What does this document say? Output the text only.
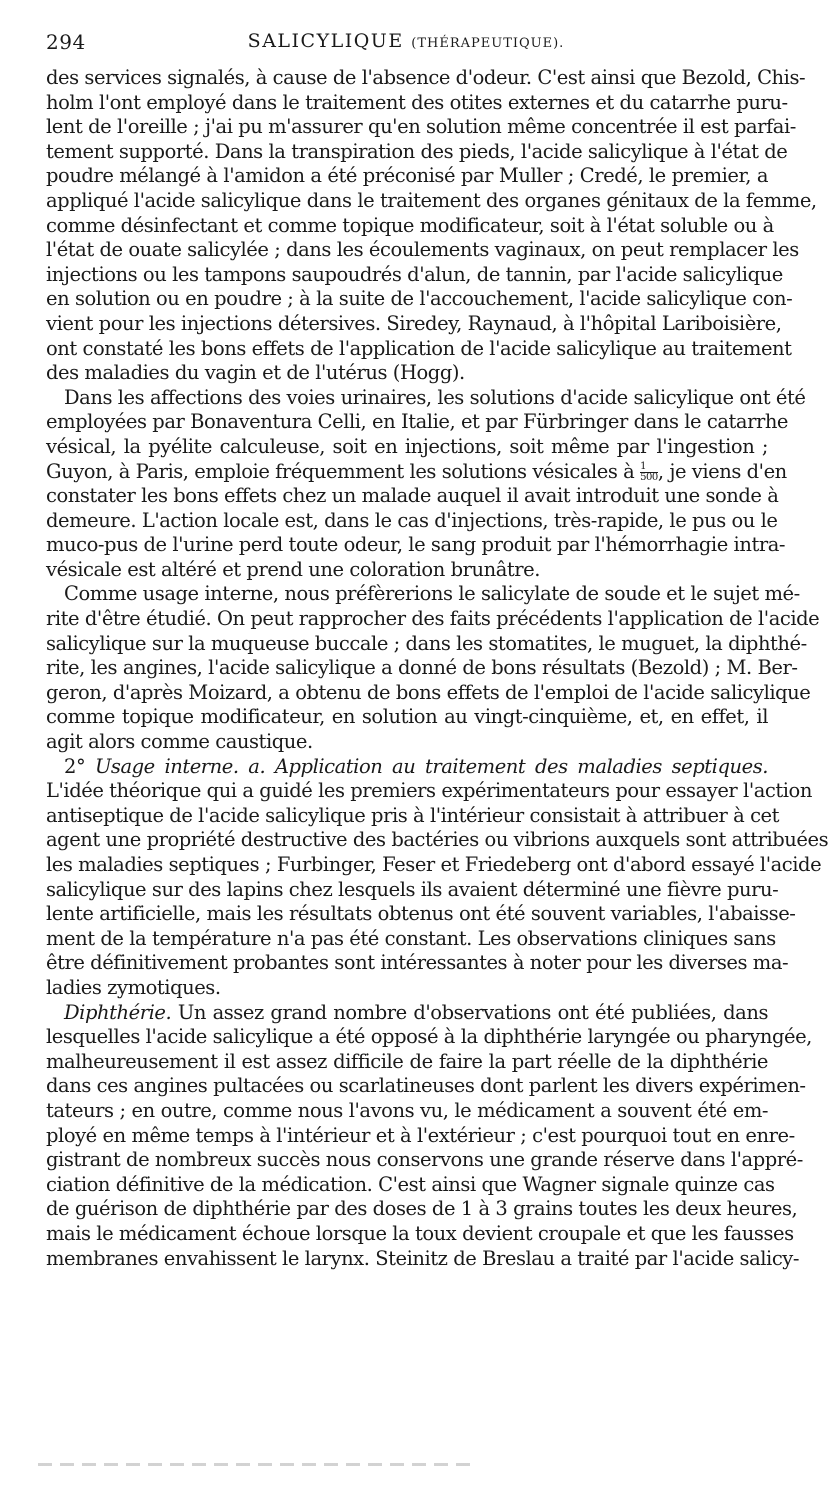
294	SALICYLIQUE (THÉRAPEUTIQUE).
des services signalés, à cause de l'absence d'odeur. C'est ainsi que Bezold, Chis-
holm l'ont employé dans le traitement des otites externes et du catarrhe puru-
lent de l'oreille ; j'ai pu m'assurer qu'en solution même concentrée il est parfai-
tement supporté. Dans la transpiration des pieds, l'acide salicylique à l'état de
poudre mélangé à l'amidon a été préconisé par Muller ; Credé, le premier, a
appliqué l'acide salicylique dans le traitement des organes génitaux de la femme,
comme désinfectant et comme topique modificateur, soit à l'état soluble ou à
l'état de ouate salicylée ; dans les écoulements vaginaux, on peut remplacer les
injections ou les tampons saupoudrés d'alun, de tannin, par l'acide salicylique
en solution ou en poudre ; à la suite de l'accouchement, l'acide salicylique con-
vient pour les injections détersives. Siredey, Raynaud, à l'hôpital Lariboisière,
ont constaté les bons effets de l'application de l'acide salicylique au traitement
des maladies du vagin et de l'utérus (Hogg).
Dans les affections des voies urinaires, les solutions d'acide salicylique ont été
employées par Bonaventura Celli, en Italie, et par Fürbringer dans le catarrhe
vésical, la pyélite calculeuse, soit en injections, soit même par l'ingestion ;
Guyon, à Paris, emploie fréquemment les solutions vésicales à $\frac{1}{500}$ , je viens d'en
constater les bons effets chez un malade auquel il avait introduit une sonde à
demeure. L'action locale est, dans le cas d'injections, très-rapide, le pus ou le
muco-pus de l'urine perd toute odeur, le sang produit par l'hémorrhagie intra-
vésicale est altéré et prend une coloration brunâtre.
Comme usage interne, nous préfèrerions le salicylate de soude et le sujet mé-
rite d'être étudié. On peut rapprocher des faits précédents l'application de l'acide
salicylique sur la muqueuse buccale ; dans les stomatites, le muguet, la diphthé-
rite, les angines, l'acide salicylique a donné de bons résultats (Bezold) ; M. Ber-
geron, d'après Moizard, a obtenu de bons effets de l'emploi de l'acide salicylique
comme topique modificateur, en solution au vingt-cinquième, et, en effet, il
agit alors comme caustique.
2° Usage interne. a. Application au traitement des maladies septiques.
L'idée théorique qui a guidé les premiers expérimentateurs pour essayer l'action
antiseptique de l'acide salicylique pris à l'intérieur consistait à attribuer à cet
agent une propriété destructive des bactéries ou vibrions auxquels sont attribuées
les maladies septiques ; Furbinger, Feser et Friedeberg ont d'abord essayé l'acide
salicylique sur des lapins chez lesquels ils avaient déterminé une fièvre puru-
lente artificielle, mais les résultats obtenus ont été souvent variables, l'abaisse-
ment de la température n'a pas été constant. Les observations cliniques sans
être définitivement probantes sont intéressantes à noter pour les diverses ma-
ladies zymotiques.
Diphthérie. Un assez grand nombre d'observations ont été publiées, dans
lesquelles l'acide salicylique a été opposé à la diphthérie laryngée ou pharyngée,
malheureusement il est assez difficile de faire la part réelle de la diphthérie
dans ces angines pultacées ou scarlatineuses dont parlent les divers expérimen-
tateurs ; en outre, comme nous l'avons vu, le médicament a souvent été em-
ployé en même temps à l'intérieur et à l'extérieur ; c'est pourquoi tout en enre-
gistrant de nombreux succès nous conservons une grande réserve dans l'appré-
ciation définitive de la médication. C'est ainsi que Wagner signale quinze cas
de guérison de diphthérie par des doses de 1 à 3 grains toutes les deux heures,
mais le médicament échoue lorsque la toux devient croupale et que les fausses
membranes envahissent le larynx. Steinitz de Breslau a traité par l'acide salicy-
